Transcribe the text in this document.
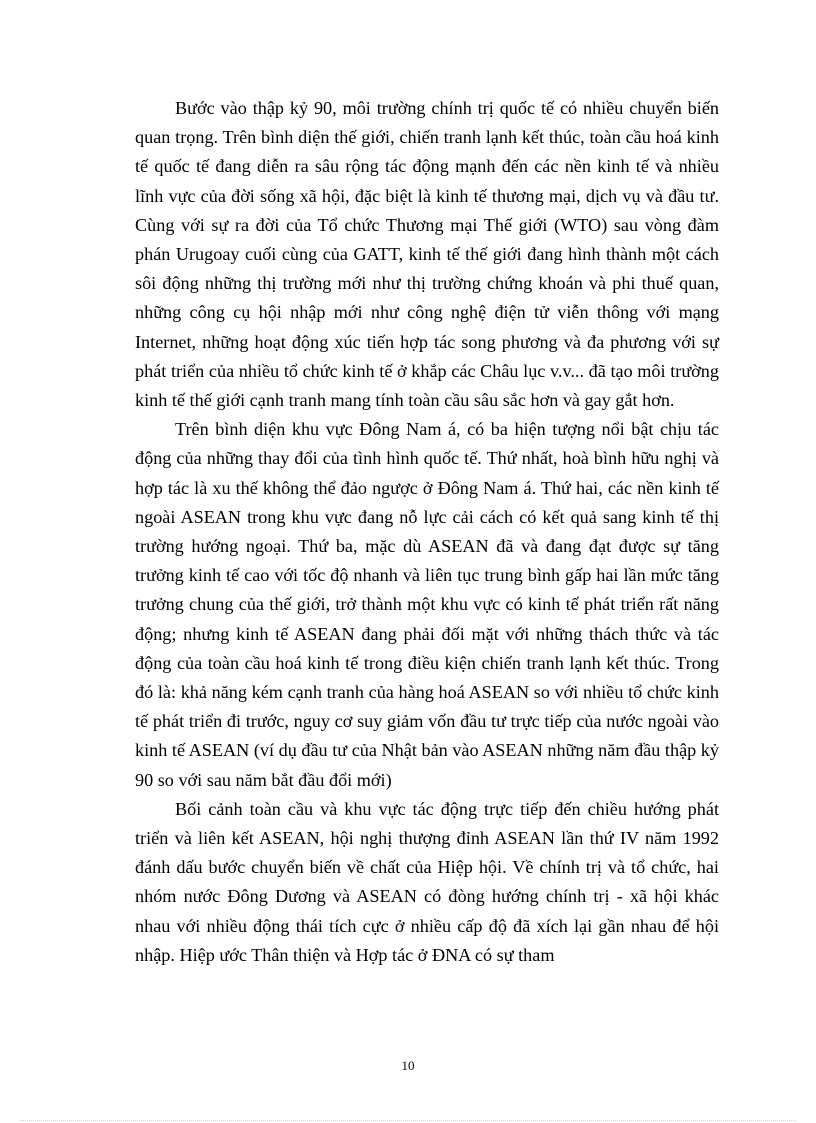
Bước vào thập kỷ 90, môi trường chính trị quốc tế có nhiều chuyển biến quan trọng. Trên bình diện thế giới, chiến tranh lạnh kết thúc, toàn cầu hoá kinh tế quốc tế đang diễn ra sâu rộng tác động mạnh đến các nền kinh tế và nhiều lĩnh vực của đời sống xã hội, đặc biệt là kinh tế thương mại, dịch vụ và đầu tư. Cùng với sự ra đời của Tổ chức Thương mại Thế giới (WTO) sau vòng đàm phán Urugoay cuối cùng của GATT, kinh tế thế giới đang hình thành một cách sôi động những thị trường mới như thị trường chứng khoán và phi thuế quan, những công cụ hội nhập mới như công nghệ điện tử viễn thông với mạng Internet, những hoạt động xúc tiến hợp tác song phương và đa phương với sự phát triển của nhiều tổ chức kinh tế ở khắp các Châu lục v.v... đã tạo môi trường kinh tế thế giới cạnh tranh mang tính toàn cầu sâu sắc hơn và gay gắt hơn.

Trên bình diện khu vực Đông Nam á, có ba hiện tượng nổi bật chịu tác động của những thay đổi của tình hình quốc tế. Thứ nhất, hoà bình hữu nghị và hợp tác là xu thế không thể đảo ngược ở Đông Nam á. Thứ hai, các nền kinh tế ngoài ASEAN trong khu vực đang nỗ lực cải cách có kết quả sang kinh tế thị trường hướng ngoại. Thứ ba, mặc dù ASEAN đã và đang đạt được sự tăng trưởng kinh tế cao với tốc độ nhanh và liên tục trung bình gấp hai lần mức tăng trưởng chung của thế giới, trở thành một khu vực có kinh tế phát triển rất năng động; nhưng kinh tế ASEAN đang phải đối mặt với những thách thức và tác động của toàn cầu hoá kinh tế trong điều kiện chiến tranh lạnh kết thúc. Trong đó là: khả năng kém cạnh tranh của hàng hoá ASEAN so với nhiều tổ chức kinh tế phát triển đi trước, nguy cơ suy giảm vốn đầu tư trực tiếp của nước ngoài vào kinh tế ASEAN (ví dụ đầu tư của Nhật bản vào ASEAN những năm đầu thập kỷ 90 so với sau năm bắt đầu đổi mới)

Bối cảnh toàn cầu và khu vực tác động trực tiếp đến chiều hướng phát triển và liên kết ASEAN, hội nghị thượng đỉnh ASEAN lần thứ IV năm 1992 đánh dấu bước chuyển biến về chất của Hiệp hội. Về chính trị và tổ chức, hai nhóm nước Đông Dương và ASEAN có đòng hướng chính trị - xã hội khác nhau với nhiều động thái tích cực ở nhiều cấp độ đã xích lại gần nhau để hội nhập. Hiệp ước Thân thiện và Hợp tác ở ĐNA có sự tham

10
